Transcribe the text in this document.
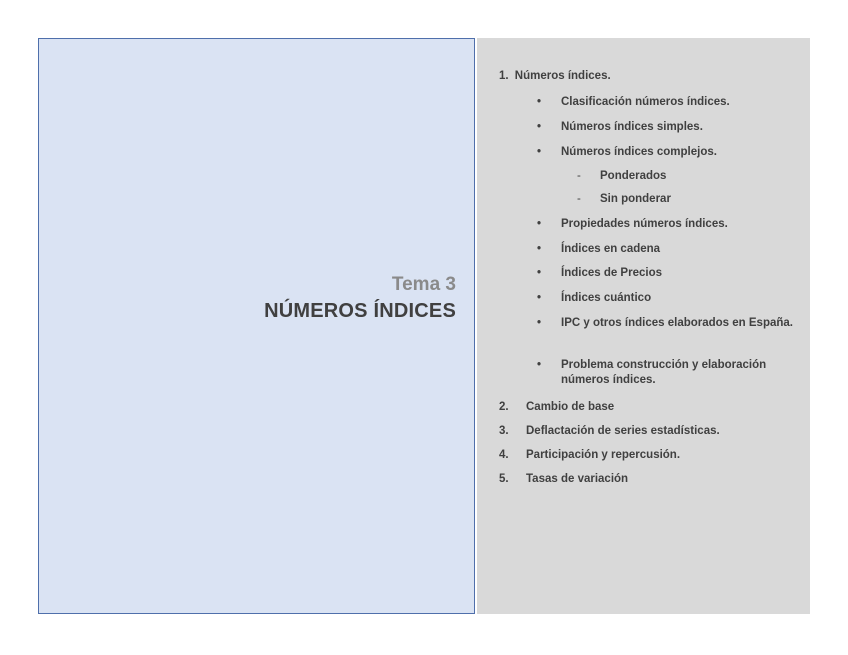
Tema 3
NÚMEROS ÍNDICES
1. Números índices.
• Clasificación números índices.
• Números índices simples.
• Números índices complejos.
- Ponderados
- Sin ponderar
• Propiedades números índices.
• Índices en cadena
• Índices de Precios
• Índices cuántico
• IPC y otros índices elaborados en España.
• Problema construcción y elaboración números índices.
2. Cambio de base
3. Deflactación de series estadísticas.
4. Participación y repercusión.
5. Tasas de variación
